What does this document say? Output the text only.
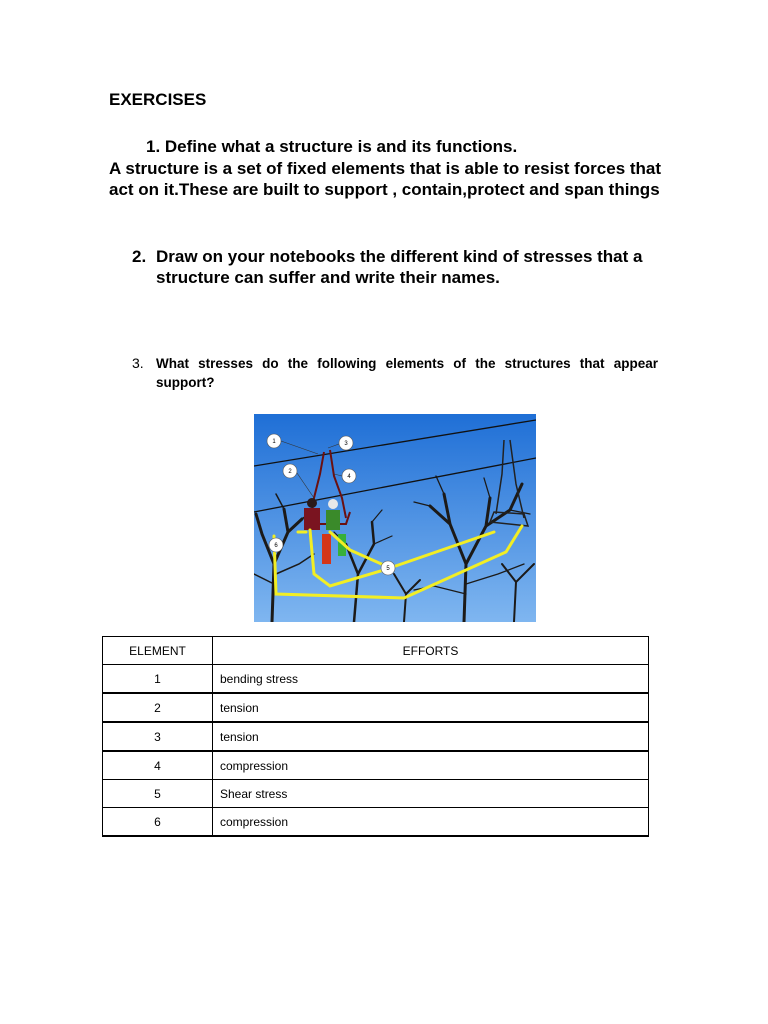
EXERCISES
1. Define what a structure is and its functions.
A structure is a set of fixed elements that is able to resist forces that act on it.These are built to support , contain,protect and span things
2. Draw on your notebooks the different kind of stresses that a structure can suffer and write their names.
3. What stresses do the following elements of the structures that appear support?
1
2
3
4
5
6
ELEMENT	EFFORTS
1	bending stress
2	tension
3	tension
4	compression
5	Shear stress
6	compression
